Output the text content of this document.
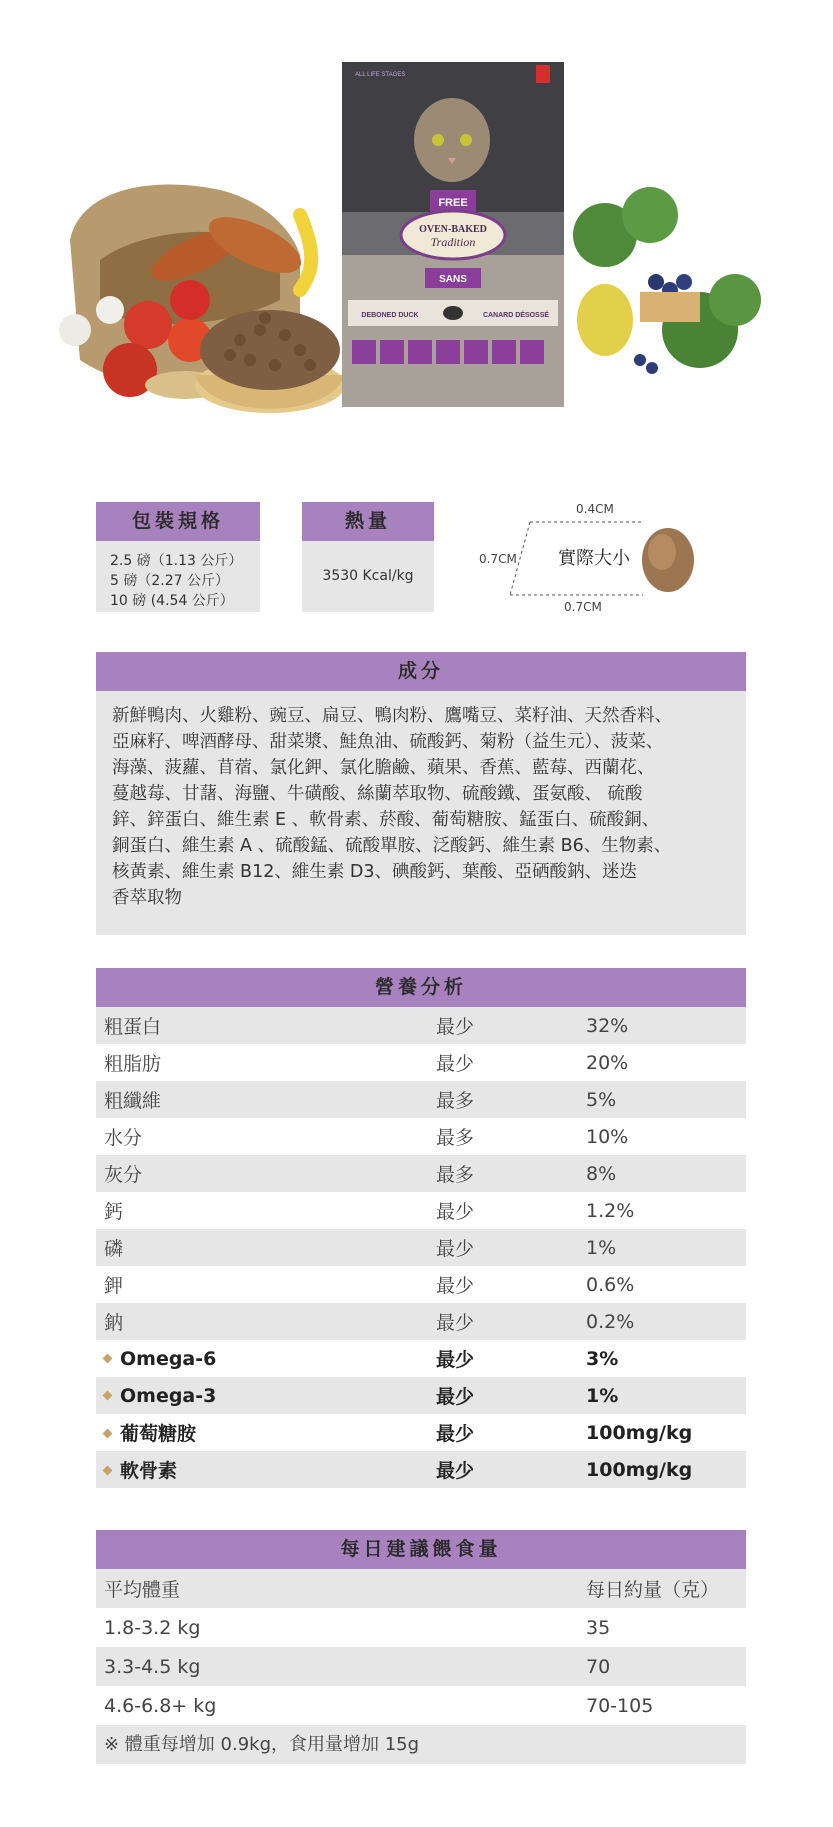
ALL LIFE STAGES
FREE
OVEN-BAKED
Tradition
SANS
DEBONED DUCK	CANARD DÉSOSSÉ
包裝規格
2.5 磅（1.13 公斤）
5 磅（2.27 公斤）
10 磅 (4.54 公斤）
熱量
3530 Kcal/kg
0.4CM
0.7CM
0.7CM
實際大小
成分
新鮮鴨肉、火雞粉、豌豆、扁豆、鴨肉粉、鷹嘴豆、菜籽油、天然香料、
亞麻籽、啤酒酵母、甜菜漿、鮭魚油、硫酸鈣、菊粉（益生元）、菠菜、
海藻、菠蘿、苜蓿、氯化鉀、氯化膽鹼、蘋果、香蕉、藍莓、西蘭花、
蔓越莓、甘藷、海鹽、牛磺酸、絲蘭萃取物、硫酸鐵、蛋氨酸、 硫酸
鋅、鋅蛋白、維生素 E 、軟骨素、菸酸、葡萄糖胺、錳蛋白、硫酸銅、
銅蛋白、維生素 A 、硫酸錳、硫酸單胺、泛酸鈣、維生素 B6、生物素、
核黃素、維生素 B12、維生素 D3、碘酸鈣、葉酸、亞硒酸鈉、迷迭
香萃取物
營養分析
粗蛋白	最少	32%
粗脂肪	最少	20%
粗纖維	最多	5%
水分	最多	10%
灰分	最多	8%
鈣	最少	1.2%
磷	最少	1%
鉀	最少	0.6%
鈉	最少	0.2%
Omega-6	最少	3%
Omega-3	最少	1%
葡萄糖胺	最少	100mg/kg
軟骨素	最少	100mg/kg
每日建議餵食量
平均體重	每日約量（克）
1.8-3.2 kg	35
3.3-4.5 kg	70
4.6-6.8+ kg	70-105
※ 體重每增加 0.9kg，食用量增加 15g
